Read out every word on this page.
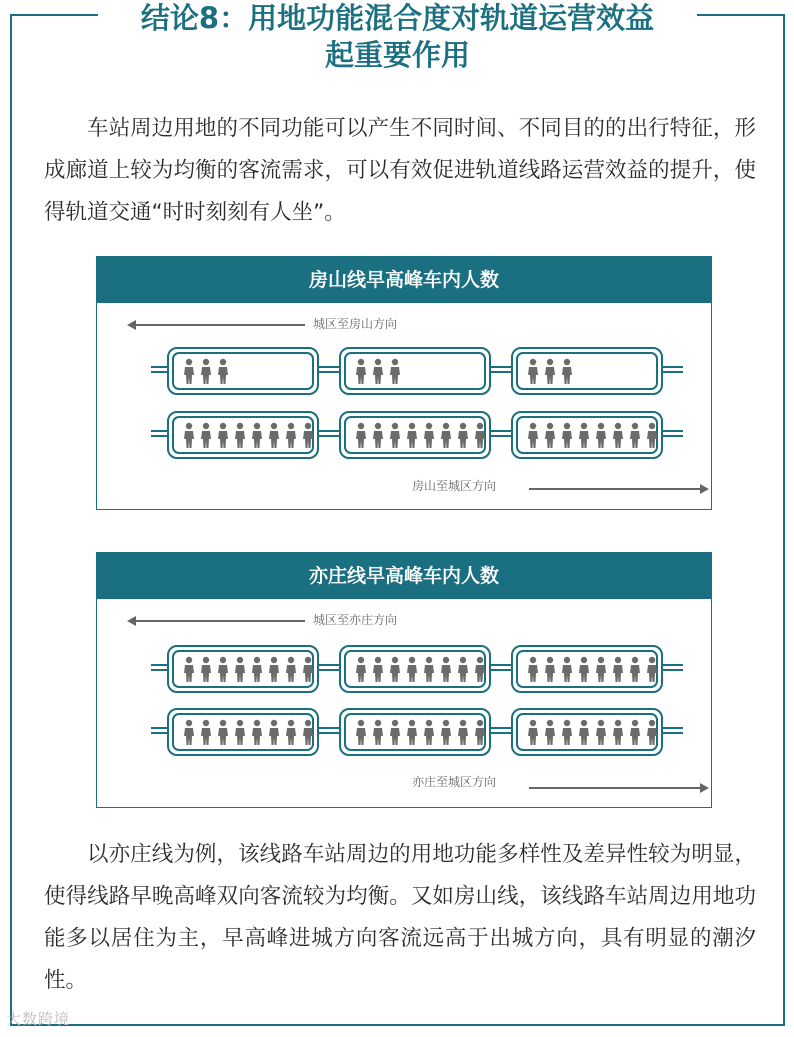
结论8：用地功能混合度对轨道运营效益
起重要作用

车站周边用地的不同功能可以产生不同时间、不同目的的出行特征，形成廊道上较为均衡的客流需求，可以有效促进轨道线路运营效益的提升，使得轨道交通“时时刻刻有人坐”。

房山线早高峰车内人数
城区至房山方向
房山至城区方向
亦庄线早高峰车内人数
城区至亦庄方向
亦庄至城区方向

以亦庄线为例，该线路车站周边的用地功能多样性及差异性较为明显，使得线路早晚高峰双向客流较为均衡。又如房山线，该线路车站周边用地功能多以居住为主，早高峰进城方向客流远高于出城方向，具有明显的潮汐性。

大数跨境
